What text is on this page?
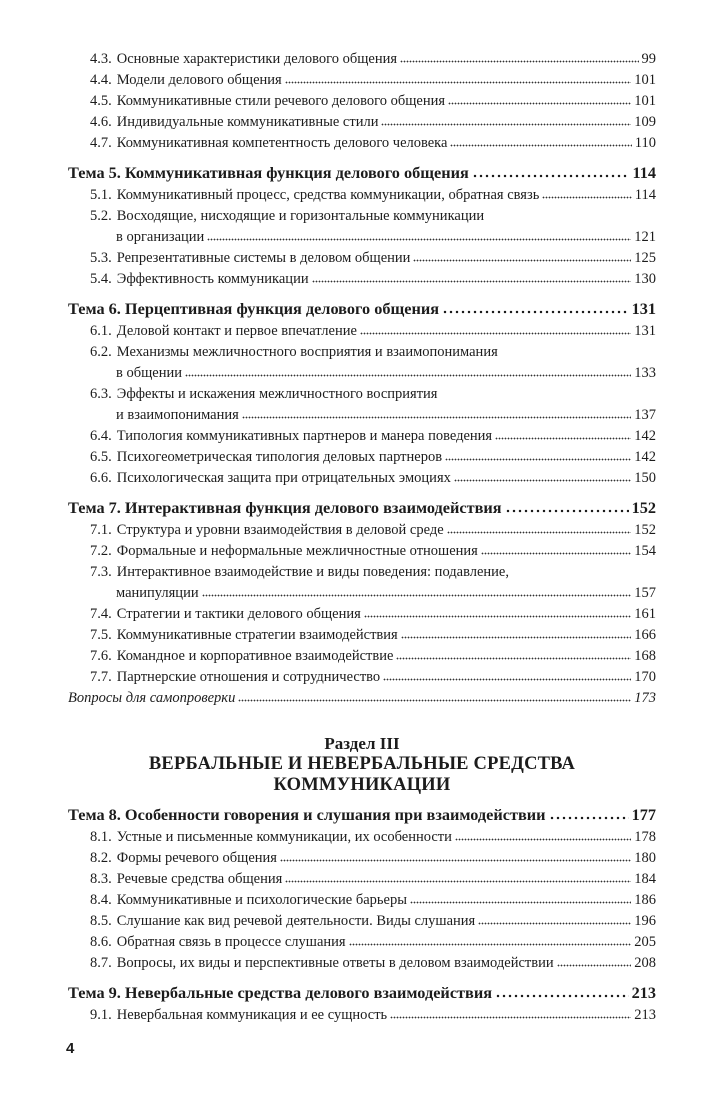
4.3. Основные характеристики делового общения	99
4.4. Модели делового общения	101
4.5. Коммуникативные стили речевого делового общения	101
4.6. Индивидуальные коммуникативные стили	109
4.7. Коммуникативная компетентность делового человека	110
Тема 5. Коммуникативная функция делового общения	114
5.1. Коммуникативный процесс, средства коммуникации, обратная связь	114
5.2. Восходящие, нисходящие и горизонтальные коммуникации
в организации	121
5.3. Репрезентативные системы в деловом общении	125
5.4. Эффективность коммуникации	130
Тема 6. Перцептивная функция делового общения	131
6.1. Деловой контакт и первое впечатление	131
6.2. Механизмы межличностного восприятия и взаимопонимания
в общении	133
6.3. Эффекты и искажения межличностного восприятия
и взаимопонимания	137
6.4. Типология коммуникативных партнеров и манера поведения	142
6.5. Психогеометрическая типология деловых партнеров	142
6.6. Психологическая защита при отрицательных эмоциях	150
Тема 7. Интерактивная функция делового взаимодействия	152
7.1. Структура и уровни взаимодействия в деловой среде	152
7.2. Формальные и неформальные межличностные отношения	154
7.3. Интерактивное взаимодействие и виды поведения: подавление,
манипуляции	157
7.4. Стратегии и тактики делового общения	161
7.5. Коммуникативные стратегии взаимодействия	166
7.6. Командное и корпоративное взаимодействие	168
7.7. Партнерские отношения и сотрудничество	170
Вопросы для самопроверки	173
Раздел III
ВЕРБАЛЬНЫЕ И НЕВЕРБАЛЬНЫЕ СРЕДСТВА
КОММУНИКАЦИИ
Тема 8. Особенности говорения и слушания при взаимодействии	177
8.1. Устные и письменные коммуникации, их особенности	178
8.2. Формы речевого общения	180
8.3. Речевые средства общения	184
8.4. Коммуникативные и психологические барьеры	186
8.5. Слушание как вид речевой деятельности. Виды слушания	196
8.6. Обратная связь в процессе слушания	205
8.7. Вопросы, их виды и перспективные ответы в деловом взаимодействии	208
Тема 9. Невербальные средства делового взаимодействия	213
9.1. Невербальная коммуникация и ее сущность	213
4
